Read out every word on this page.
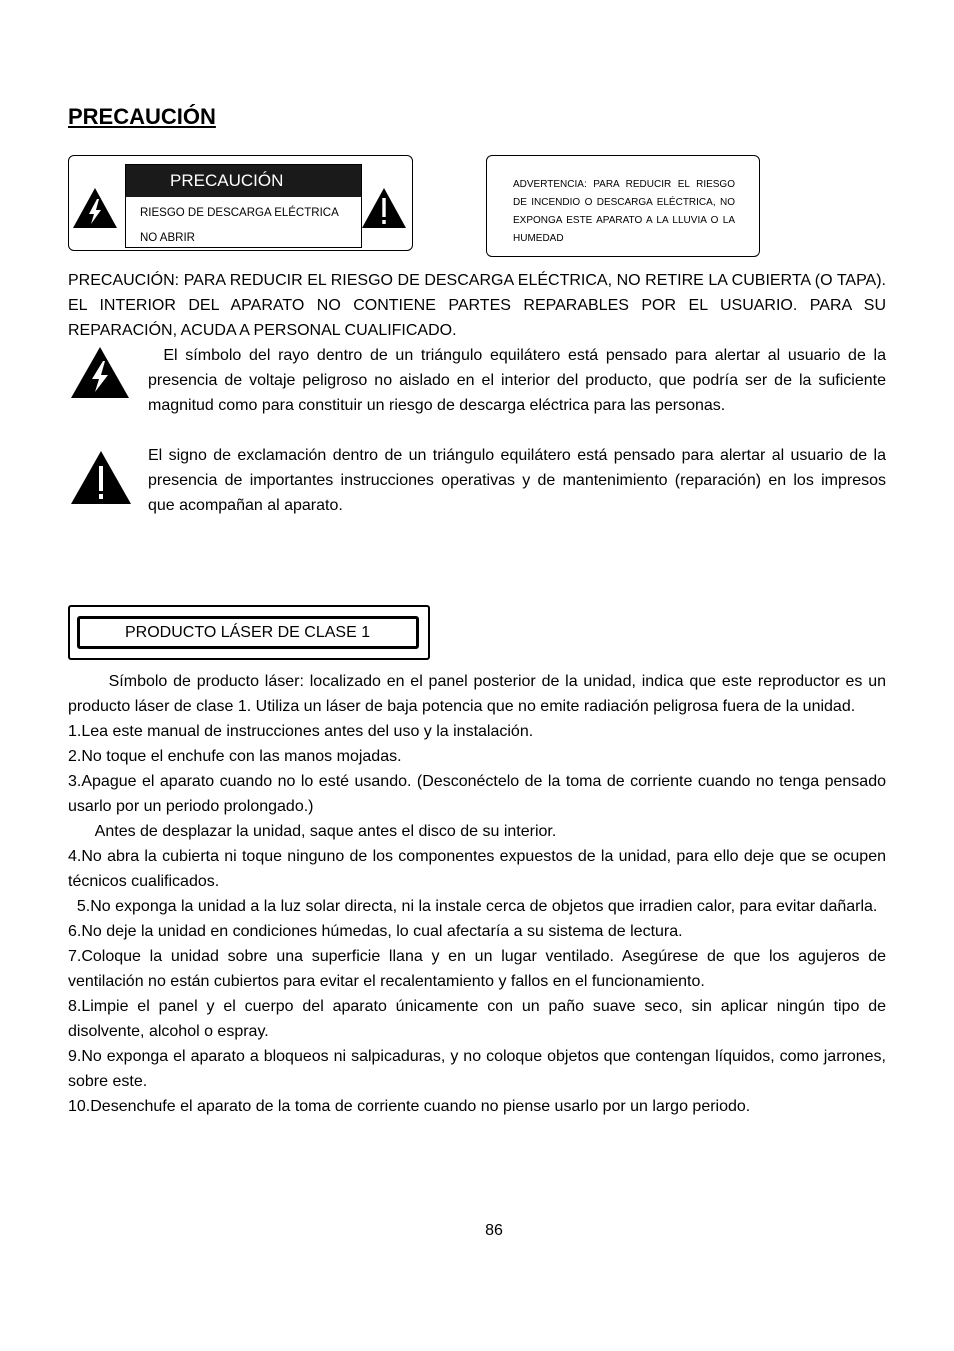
PRECAUCIÓN
PRECAUCIÓN
RIESGO DE DESCARGA ELÉCTRICA
NO ABRIR
ADVERTENCIA: PARA REDUCIR EL RIESGO DE INCENDIO O DESCARGA ELÉCTRICA, NO EXPONGA ESTE APARATO A LA LLUVIA O LA HUMEDAD
PRECAUCIÓN: PARA REDUCIR EL RIESGO DE DESCARGA ELÉCTRICA, NO RETIRE LA CUBIERTA (O TAPA). EL INTERIOR DEL APARATO NO CONTIENE PARTES REPARABLES POR EL USUARIO. PARA SU REPARACIÓN, ACUDA A PERSONAL CUALIFICADO.
El símbolo del rayo dentro de un triángulo equilátero está pensado para alertar al usuario de la presencia de voltaje peligroso no aislado en el interior del producto, que podría ser de la suficiente magnitud como para constituir un riesgo de descarga eléctrica para las personas.
El signo de exclamación dentro de un triángulo equilátero está pensado para alertar al usuario de la presencia de importantes instrucciones operativas y de mantenimiento (reparación) en los impresos que acompañan al aparato.
PRODUCTO LÁSER DE CLASE 1

Símbolo de producto láser: localizado en el panel posterior de la unidad, indica que este reproductor es un producto láser de clase 1. Utiliza un láser de baja potencia que no emite radiación peligrosa fuera de la unidad.

1.Lea este manual de instrucciones antes del uso y la instalación.

2.No toque el enchufe con las manos mojadas.

3.Apague el aparato cuando no lo esté usando. (Desconéctelo de la toma de corriente cuando no tenga pensado usarlo por un periodo prolongado.)

Antes de desplazar la unidad, saque antes el disco de su interior.

4.No abra la cubierta ni toque ninguno de los componentes expuestos de la unidad, para ello deje que se ocupen técnicos cualificados.

5.No exponga la unidad a la luz solar directa, ni la instale cerca de objetos que irradien calor, para evitar dañarla.

6.No deje la unidad en condiciones húmedas, lo cual afectaría a su sistema de lectura.

7.Coloque la unidad sobre una superficie llana y en un lugar ventilado. Asegúrese de que los agujeros de ventilación no están cubiertos para evitar el recalentamiento y fallos en el funcionamiento.

8.Limpie el panel y el cuerpo del aparato únicamente con un paño suave seco, sin aplicar ningún tipo de disolvente, alcohol o espray.

9.No exponga el aparato a bloqueos ni salpicaduras, y no coloque objetos que contengan líquidos, como jarrones, sobre este.

10.Desenchufe el aparato de la toma de corriente cuando no piense usarlo por un largo periodo.

86
